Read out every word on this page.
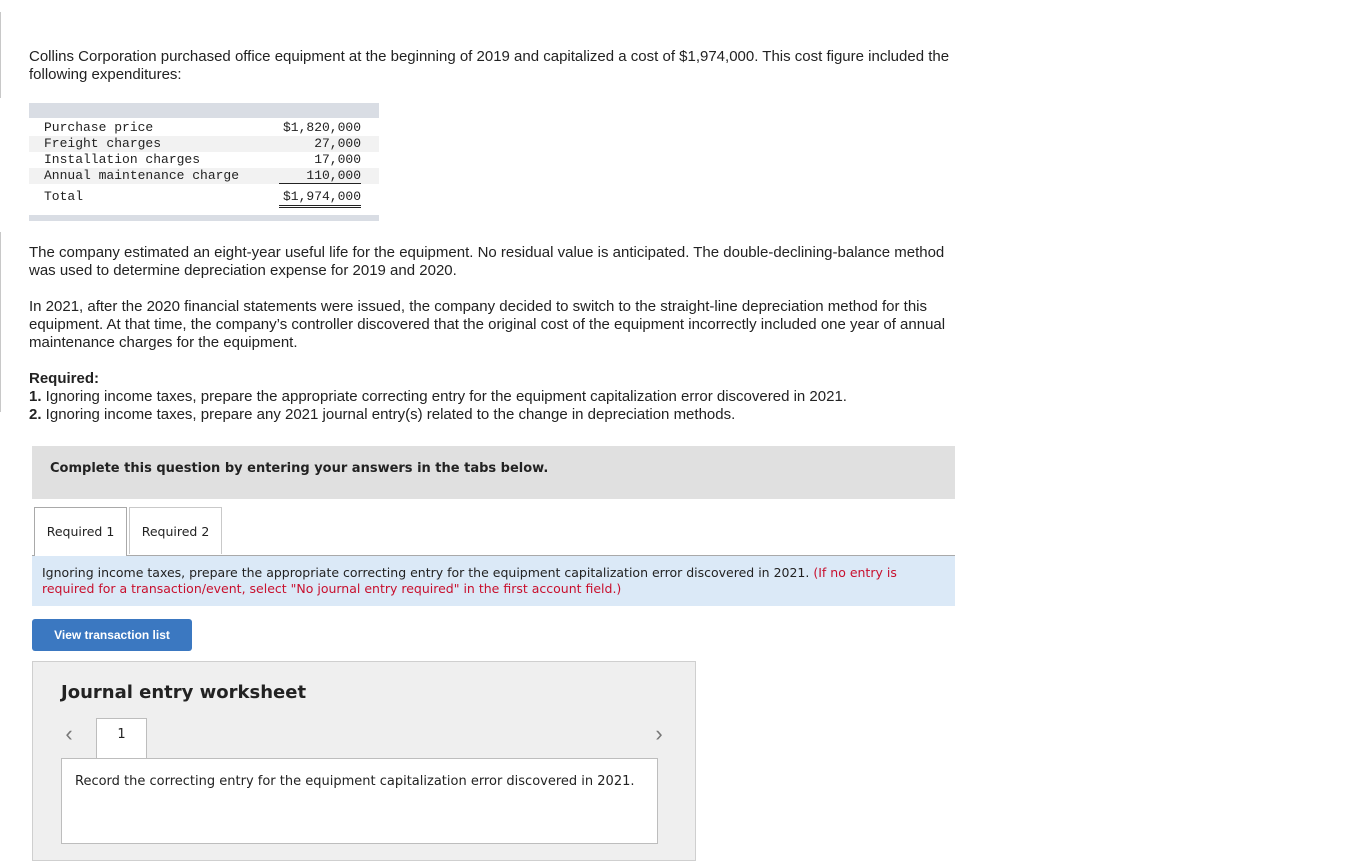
Collins Corporation purchased office equipment at the beginning of 2019 and capitalized a cost of $1,974,000. This cost figure included the following expenditures:

Purchase price	$1,820,000
Freight charges	27,000
Installation charges	17,000
Annual maintenance charge	110,000
Total	$1,974,000

The company estimated an eight-year useful life for the equipment. No residual value is anticipated. The double-declining-balance method was used to determine depreciation expense for 2019 and 2020.

In 2021, after the 2020 financial statements were issued, the company decided to switch to the straight-line depreciation method for this equipment. At that time, the company’s controller discovered that the original cost of the equipment incorrectly included one year of annual maintenance charges for the equipment.

Required:
1. Ignoring income taxes, prepare the appropriate correcting entry for the equipment capitalization error discovered in 2021.
2. Ignoring income taxes, prepare any 2021 journal entry(s) related to the change in depreciation methods.
Complete this question by entering your answers in the tabs below.
Required 1	Required 2
Ignoring income taxes, prepare the appropriate correcting entry for the equipment capitalization error discovered in 2021. (If no entry is required for a transaction/event, select "No journal entry required" in the first account field.)
View transaction list
Journal entry worksheet
‹	›
1
Record the correcting entry for the equipment capitalization error discovered in 2021.
